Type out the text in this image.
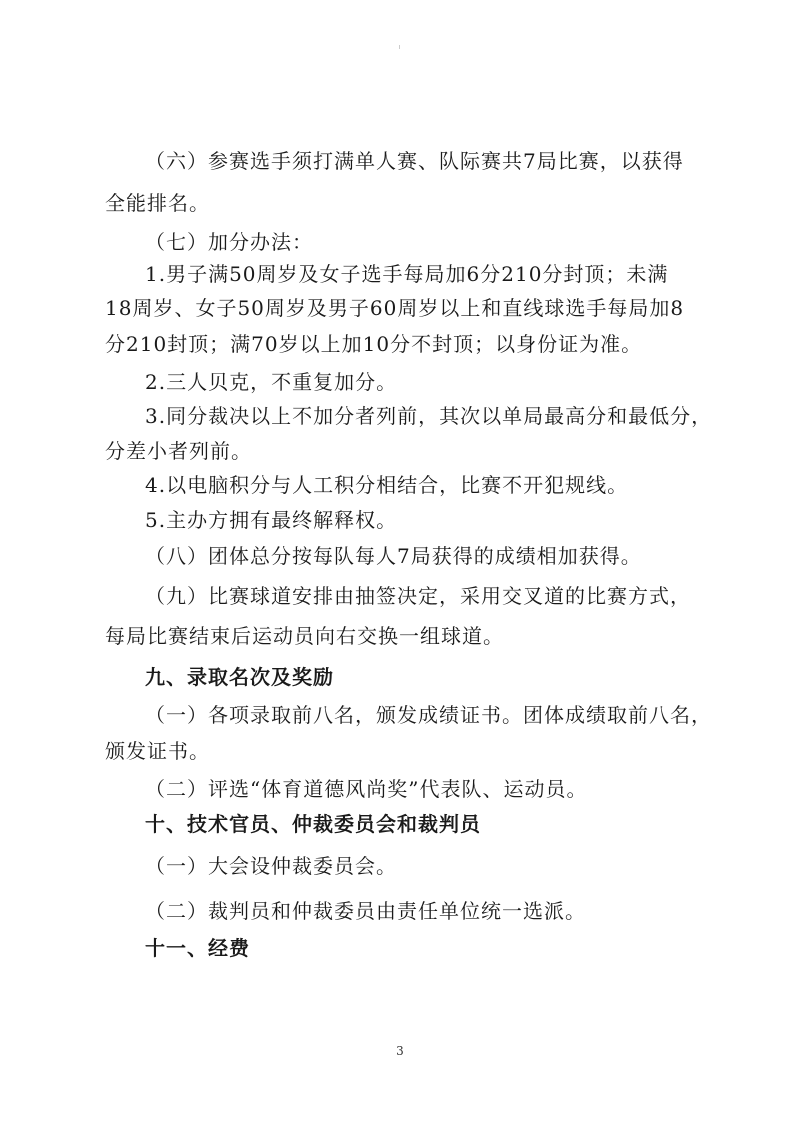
（六）参赛选手须打满单人赛、队际赛共7局比赛，以获得

全能排名。

（七）加分办法：

1.男子满50周岁及女子选手每局加6分210分封顶；未满

18周岁、女子50周岁及男子60周岁以上和直线球选手每局加8

分210封顶；满70岁以上加10分不封顶；以身份证为准。

2.三人贝克，不重复加分。

3.同分裁决以上不加分者列前，其次以单局最高分和最低分，

分差小者列前。

4.以电脑积分与人工积分相结合，比赛不开犯规线。

5.主办方拥有最终解释权。

（八）团体总分按每队每人7局获得的成绩相加获得。

（九）比赛球道安排由抽签决定，采用交叉道的比赛方式，

每局比赛结束后运动员向右交换一组球道。

九、录取名次及奖励

（一）各项录取前八名，颁发成绩证书。团体成绩取前八名，

颁发证书。

（二）评选“体育道德风尚奖”代表队、运动员。

十、技术官员、仲裁委员会和裁判员

（一）大会设仲裁委员会。

（二）裁判员和仲裁委员由责任单位统一选派。

十一、经费
3
